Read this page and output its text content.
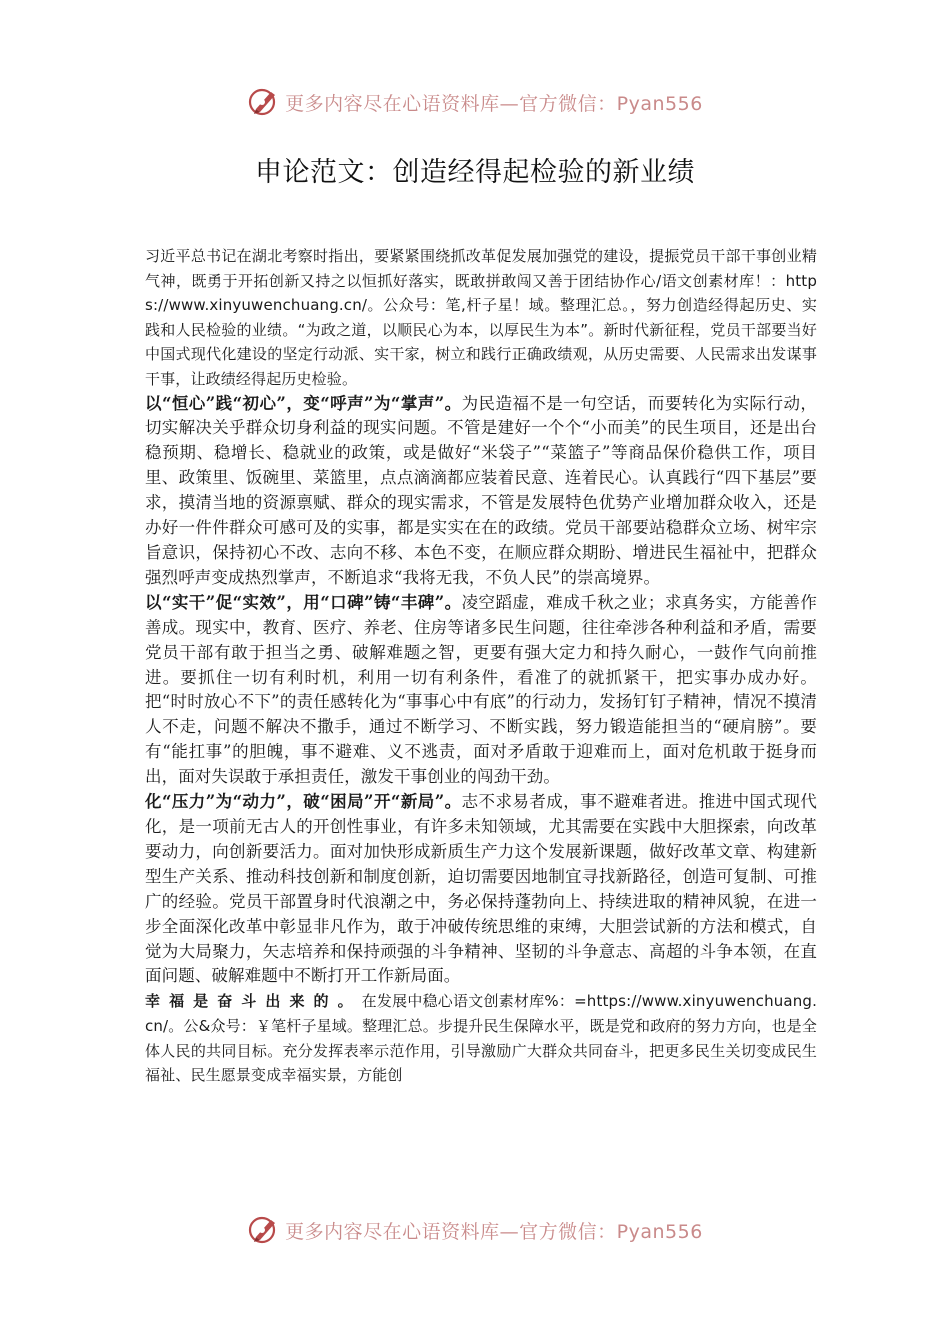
更多内容尽在心语资料库—官方微信：Pyan556
申论范文：创造经得起检验的新业绩

习近平总书记在湖北考察时指出，要紧紧围绕抓改革促发展加强党的建设，提振党员干部干事创业精气神，既勇于开拓创新又持之以恒抓好落实，既敢拼敢闯又善于团结协作心/语文创素材库！：https://www.xinyuwenchuang.cn/。公众号：笔,杆子星！域。整理汇总。，努力创造经得起历史、实践和人民检验的业绩。“为政之道，以顺民心为本，以厚民生为本”。新时代新征程，党员干部要当好中国式现代化建设的坚定行动派、实干家，树立和践行正确政绩观，从历史需要、人民需求出发谋事干事，让政绩经得起历史检验。

以“恒心”践“初心”，变“呼声”为“掌声”。为民造福不是一句空话，而要转化为实际行动，切实解决关乎群众切身利益的现实问题。不管是建好一个个“小而美”的民生项目，还是出台稳预期、稳增长、稳就业的政策，或是做好“米袋子”“菜篮子”等商品保价稳供工作，项目里、政策里、饭碗里、菜篮里，点点滴滴都应装着民意、连着民心。认真践行“四下基层”要求，摸清当地的资源禀赋、群众的现实需求，不管是发展特色优势产业增加群众收入，还是办好一件件群众可感可及的实事，都是实实在在的政绩。党员干部要站稳群众立场、树牢宗旨意识，保持初心不改、志向不移、本色不变，在顺应群众期盼、增进民生福祉中，把群众强烈呼声变成热烈掌声，不断追求“我将无我，不负人民”的崇高境界。

以“实干”促“实效”，用“口碑”铸“丰碑”。凌空蹈虚，难成千秋之业；求真务实，方能善作善成。现实中，教育、医疗、养老、住房等诸多民生问题，往往牵涉各种利益和矛盾，需要党员干部有敢于担当之勇、破解难题之智，更要有强大定力和持久耐心，一鼓作气向前推进。要抓住一切有利时机，利用一切有利条件，看准了的就抓紧干，把实事办成办好。把“时时放心不下”的责任感转化为“事事心中有底”的行动力，发扬钉钉子精神，情况不摸清人不走，问题不解决不撒手，通过不断学习、不断实践，努力锻造能担当的“硬肩膀”。要有“能扛事”的胆魄，事不避难、义不逃责，面对矛盾敢于迎难而上，面对危机敢于挺身而出，面对失误敢于承担责任，激发干事创业的闯劲干劲。

化“压力”为“动力”，破“困局”开“新局”。志不求易者成，事不避难者进。推进中国式现代化，是一项前无古人的开创性事业，有许多未知领域，尤其需要在实践中大胆探索，向改革要动力，向创新要活力。面对加快形成新质生产力这个发展新课题，做好改革文章、构建新型生产关系、推动科技创新和制度创新，迫切需要因地制宜寻找新路径，创造可复制、可推广的经验。党员干部置身时代浪潮之中，务必保持蓬勃向上、持续进取的精神风貌，在进一步全面深化改革中彰显非凡作为，敢于冲破传统思维的束缚，大胆尝试新的方法和模式，自觉为大局聚力，矢志培养和保持顽强的斗争精神、坚韧的斗争意志、高超的斗争本领，在直面问题、破解难题中不断打开工作新局面。

幸福是奋斗出来的。在发展中稳心语文创素材库%：=https://www.xinyuwenchuang.cn/。公&众号：￥笔杆子星域。整理汇总。步提升民生保障水平，既是党和政府的努力方向，也是全体人民的共同目标。充分发挥表率示范作用，引导激励广大群众共同奋斗，把更多民生关切变成民生福祉、民生愿景变成幸福实景，方能创

更多内容尽在心语资料库—官方微信：Pyan556
